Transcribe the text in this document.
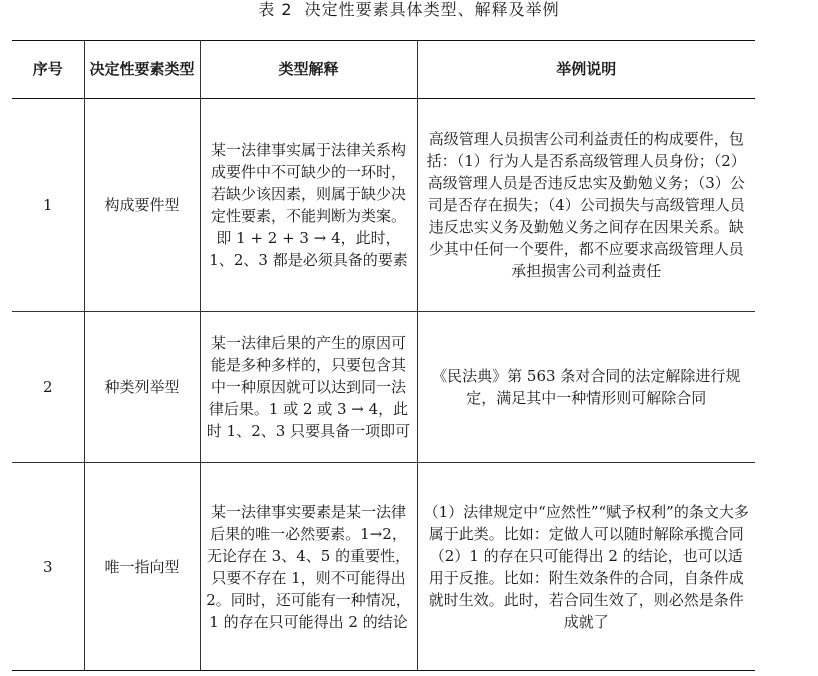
表 2 决定性要素具体类型、解释及举例
序号	决定性要素类型	类型解释	举例说明
1	构成要件型	某一法律事实属于法律关系构成要件中不可缺少的一环时，若缺少该因素，则属于缺少决定性要素，不能判断为类案。即 1 + 2 + 3 → 4，此时，1、2、3 都是必须具备的要素	高级管理人员损害公司利益责任的构成要件，包括：（1）行为人是否系高级管理人员身份；（2）高级管理人员是否违反忠实及勤勉义务；（3）公司是否存在损失；（4）公司损失与高级管理人员违反忠实义务及勤勉义务之间存在因果关系。缺少其中任何一个要件，都不应要求高级管理人员承担损害公司利益责任

2	种类列举型	某一法律后果的产生的原因可能是多种多样的，只要包含其中一种原因就可以达到同一法律后果。1 或 2 或 3 → 4，此时 1、2、3 只要具备一项即可	《民法典》第 563 条对合同的法定解除进行规定，满足其中一种情形则可解除合同

3	唯一指向型	某一法律事实要素是某一法律后果的唯一必然要素。1→2，无论存在 3、4、5 的重要性，只要不存在 1，则不可能得出 2。同时，还可能有一种情况，1 的存在只可能得出 2 的结论	（1）法律规定中“应然性”“赋予权利”的条文大多属于此类。比如：定做人可以随时解除承揽合同

（2）1 的存在只可能得出 2 的结论，也可以适用于反推。比如：附生效条件的合同，自条件成就时生效。此时，若合同生效了，则必然是条件成就了
